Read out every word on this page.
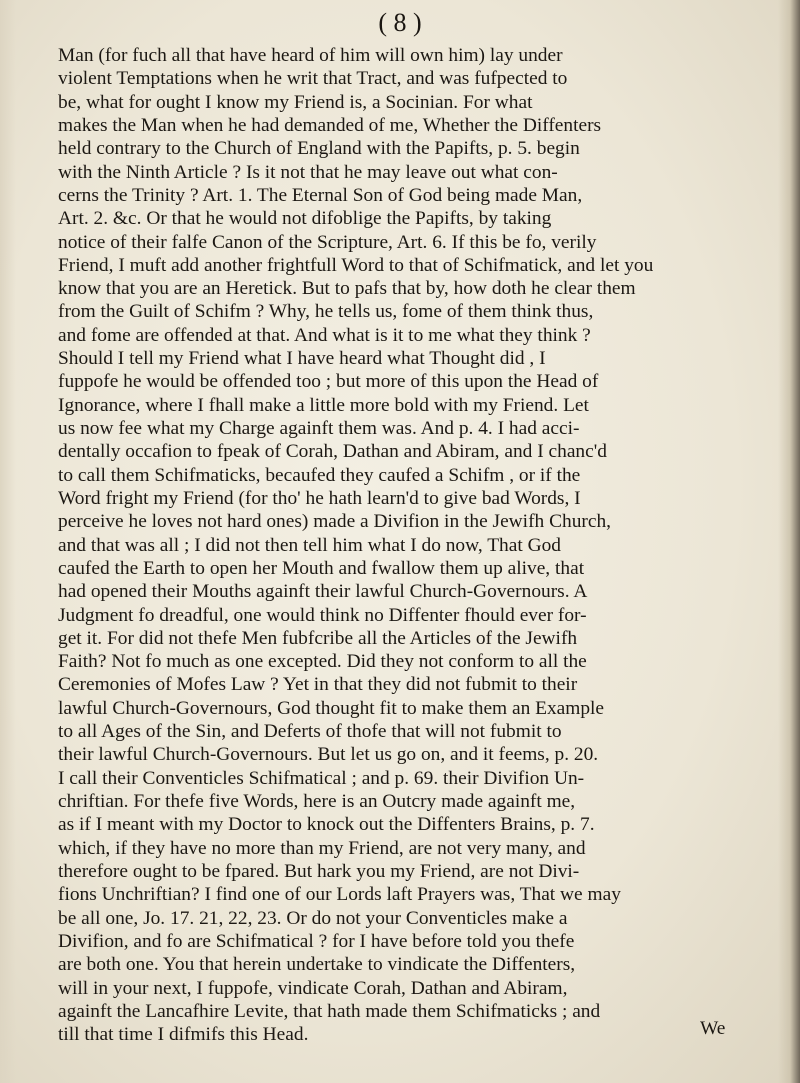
( 8 )
Man (for fuch all that have heard of him will own him) lay under
violent Temptations when he writ that Tract, and was fufpected to
be, what for ought I know my Friend is, a Socinian. For what
makes the Man when he had demanded of me, Whether the Diffenters
held contrary to the Church of England with the Papifts, p. 5. begin
with the Ninth Article ? Is it not that he may leave out what con-
cerns the Trinity ? Art. 1. The Eternal Son of God being made Man,
Art. 2. &c. Or that he would not difoblige the Papifts, by taking
notice of their falfe Canon of the Scripture, Art. 6. If this be fo, verily
Friend, I muft add another frightfull Word to that of Schifmatick, and let you
know that you are an Heretick. But to pafs that by, how doth he clear them
from the Guilt of Schifm ? Why, he tells us, fome of them think thus,
and fome are offended at that. And what is it to me what they think ?
Should I tell my Friend what I have heard what Thought did , I
fuppofe he would be offended too ; but more of this upon the Head of
Ignorance, where I fhall make a little more bold with my Friend. Let
us now fee what my Charge againft them was. And p. 4. I had acci-
dentally occafion to fpeak of Corah, Dathan and Abiram, and I chanc'd
to call them Schifmaticks, becaufed they caufed a Schifm , or if the
Word fright my Friend (for tho' he hath learn'd to give bad Words, I
perceive he loves not hard ones) made a Divifion in the Jewifh Church,
and that was all ; I did not then tell him what I do now, That God
caufed the Earth to open her Mouth and fwallow them up alive, that
had opened their Mouths againft their lawful Church-Governours. A
Judgment fo dreadful, one would think no Diffenter fhould ever for-
get it. For did not thefe Men fubfcribe all the Articles of the Jewifh
Faith? Not fo much as one excepted. Did they not conform to all the
Ceremonies of Mofes Law ? Yet in that they did not fubmit to their
lawful Church-Governours, God thought fit to make them an Example
to all Ages of the Sin, and Deferts of thofe that will not fubmit to
their lawful Church-Governours. But let us go on, and it feems, p. 20.
I call their Conventicles Schifmatical ; and p. 69. their Divifion Un-
chriftian. For thefe five Words, here is an Outcry made againft me,
as if I meant with my Doctor to knock out the Diffenters Brains, p. 7.
which, if they have no more than my Friend, are not very many, and
therefore ought to be fpared. But hark you my Friend, are not Divi-
fions Unchriftian? I find one of our Lords laft Prayers was, That we may
be all one, Jo. 17. 21, 22, 23. Or do not your Conventicles make a
Divifion, and fo are Schifmatical ? for I have before told you thefe
are both one. You that herein undertake to vindicate the Diffenters,
will in your next, I fuppofe, vindicate Corah, Dathan and Abiram,
againft the Lancafhire Levite, that hath made them Schifmaticks ; and
till that time I difmifs this Head.	We
